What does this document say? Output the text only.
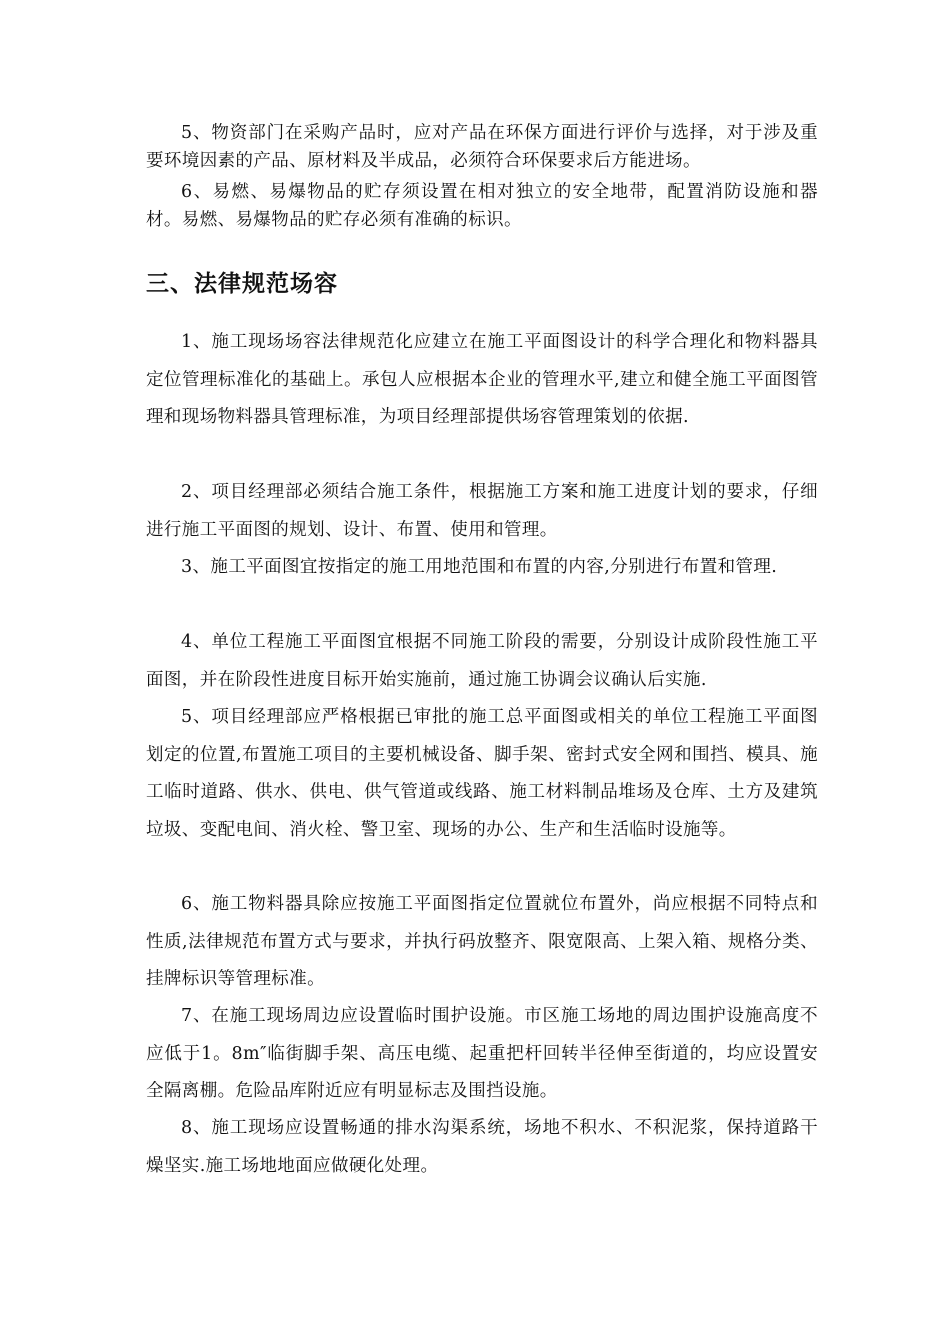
5、物资部门在采购产品时，应对产品在环保方面进行评价与选择，对于涉及重要环境因素的产品、原材料及半成品，必须符合环保要求后方能进场。

6、易燃、易爆物品的贮存须设置在相对独立的安全地带，配置消防设施和器材。易燃、易爆物品的贮存必须有准确的标识。

三、法律规范场容

1、施工现场场容法律规范化应建立在施工平面图设计的科学合理化和物料器具定位管理标准化的基础上。承包人应根据本企业的管理水平,建立和健全施工平面图管理和现场物料器具管理标准，为项目经理部提供场容管理策划的依据.

2、项目经理部必须结合施工条件，根据施工方案和施工进度计划的要求，仔细进行施工平面图的规划、设计、布置、使用和管理。

3、施工平面图宜按指定的施工用地范围和布置的内容,分别进行布置和管理.

4、单位工程施工平面图宜根据不同施工阶段的需要，分别设计成阶段性施工平面图，并在阶段性进度目标开始实施前，通过施工协调会议确认后实施.

5、项目经理部应严格根据已审批的施工总平面图或相关的单位工程施工平面图划定的位置,布置施工项目的主要机械设备、脚手架、密封式安全网和围挡、模具、施工临时道路、供水、供电、供气管道或线路、施工材料制品堆场及仓库、土方及建筑垃圾、变配电间、消火栓、警卫室、现场的办公、生产和生活临时设施等。

6、施工物料器具除应按施工平面图指定位置就位布置外，尚应根据不同特点和性质,法律规范布置方式与要求，并执行码放整齐、限宽限高、上架入箱、规格分类、挂牌标识等管理标准。

7、在施工现场周边应设置临时围护设施。市区施工场地的周边围护设施高度不应低于1。8m″临街脚手架、高压电缆、起重把杆回转半径伸至街道的，均应设置安全隔离棚。危险品库附近应有明显标志及围挡设施。

8、施工现场应设置畅通的排水沟渠系统，场地不积水、不积泥浆，保持道路干燥坚实.施工场地地面应做硬化处理。
